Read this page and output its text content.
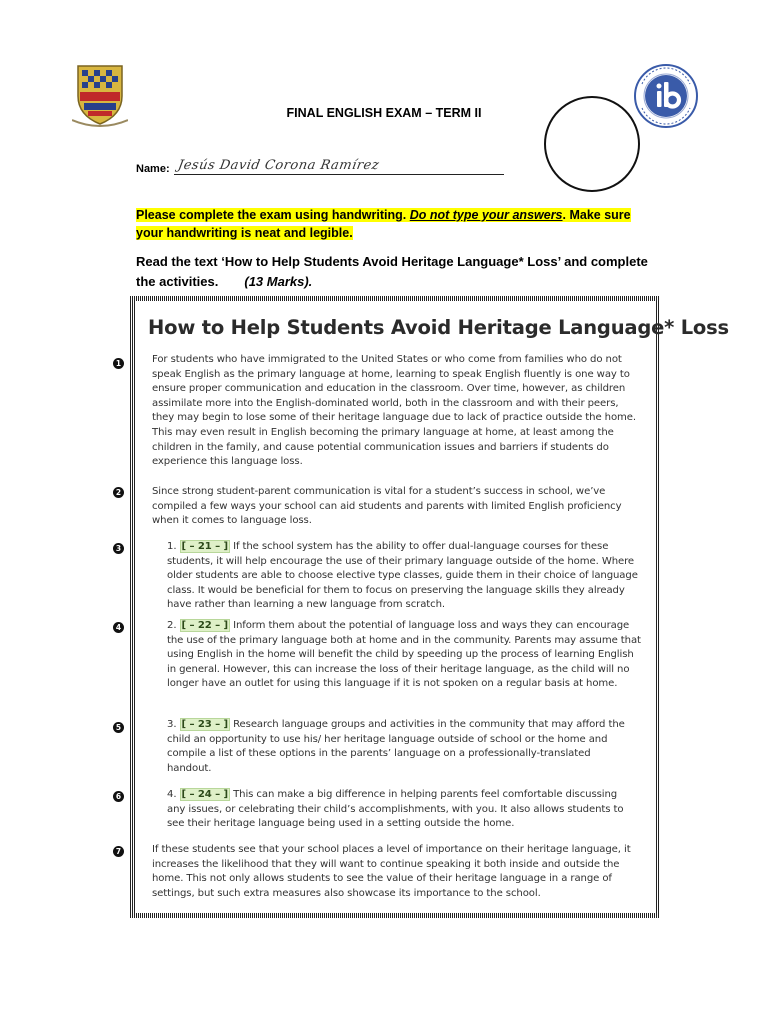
FINAL ENGLISH EXAM – TERM II
Name: Jesús David Corona Ramírez
Please complete the exam using handwriting. Do not type your answers. Make sure your handwriting is neat and legible.
Read the text ‘How to Help Students Avoid Heritage Language* Loss’ and complete the activities. (13 Marks).
How to Help Students Avoid Heritage Language* Loss
1
2
3
4
5
6
7
For students who have immigrated to the United States or who come from families who do not speak English as the primary language at home, learning to speak English fluently is one way to ensure proper communication and education in the classroom. Over time, however, as children assimilate more into the English-dominated world, both in the classroom and with their peers, they may begin to lose some of their heritage language due to lack of practice outside the home. This may even result in English becoming the primary language at home, at least among the children in the family, and cause potential communication issues and barriers if students do experience this language loss.
Since strong student-parent communication is vital for a student’s success in school, we’ve compiled a few ways your school can aid students and parents with limited English proficiency when it comes to language loss.
1. [ – 21 – ] If the school system has the ability to offer dual-language courses for these students, it will help encourage the use of their primary language outside of the home. Where older students are able to choose elective type classes, guide them in their choice of language class. It would be beneficial for them to focus on preserving the language skills they already have rather than learning a new language from scratch.
2. [ – 22 – ] Inform them about the potential of language loss and ways they can encourage the use of the primary language both at home and in the community. Parents may assume that using English in the home will benefit the child by speeding up the process of learning English in general. However, this can increase the loss of their heritage language, as the child will no longer have an outlet for using this language if it is not spoken on a regular basis at home.
3. [ – 23 – ] Research language groups and activities in the community that may afford the child an opportunity to use his/ her heritage language outside of school or the home and compile a list of these options in the parents’ language on a professionally-translated handout.
4. [ – 24 – ] This can make a big difference in helping parents feel comfortable discussing any issues, or celebrating their child’s accomplishments, with you. It also allows students to see their heritage language being used in a setting outside the home.
If these students see that your school places a level of importance on their heritage language, it increases the likelihood that they will want to continue speaking it both inside and outside the home. This not only allows students to see the value of their heritage language in a range of settings, but such extra measures also showcase its importance to the school.
